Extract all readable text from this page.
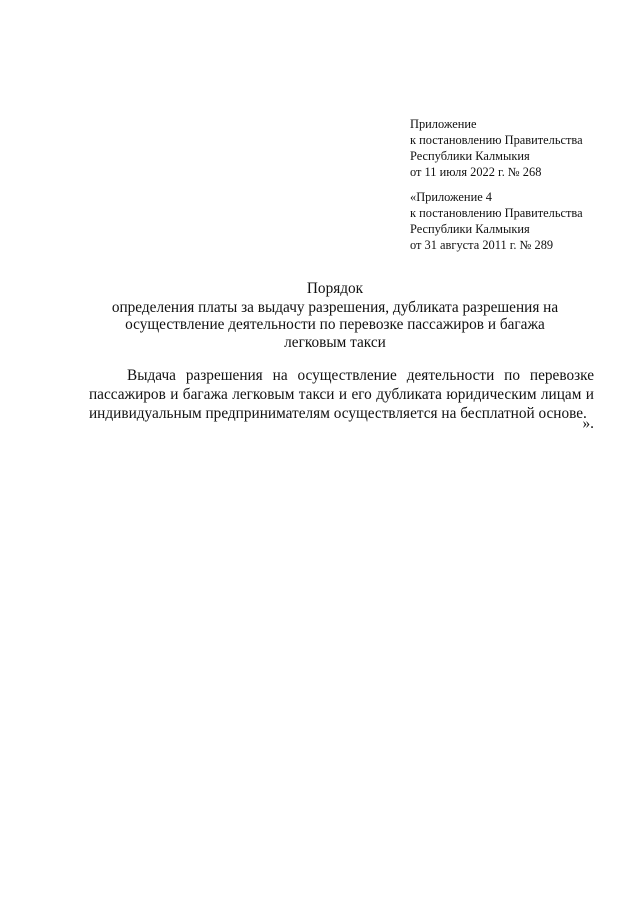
Приложение
к постановлению Правительства
Республики Калмыкия
от 11 июля 2022 г. № 268
«Приложение 4
к постановлению Правительства
Республики Калмыкия
от 31 августа 2011 г. № 289
Порядок
определения платы за выдачу разрешения, дубликата разрешения на
осуществление деятельности по перевозке пассажиров и багажа
легковым такси

Выдача разрешения на осуществление деятельности по перевозке пассажиров и багажа легковым такси и его дубликата юридическим лицам и индивидуальным предпринимателям осуществляется на бесплатной основе.

».
